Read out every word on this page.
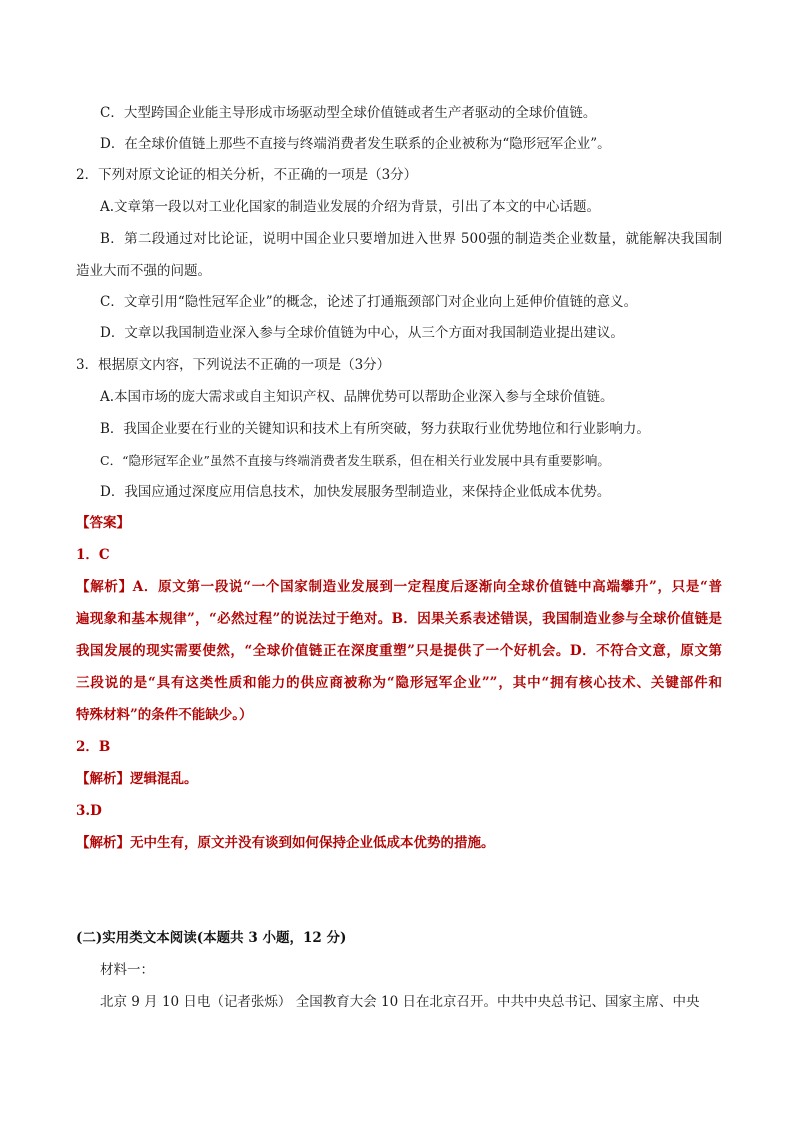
C．大型跨国企业能主导形成市场驱动型全球价值链或者生产者驱动的全球价值链。
D．在全球价值链上那些不直接与终端消费者发生联系的企业被称为“隐形冠军企业”。
2．下列对原文论证的相关分析，不正确的一项是（3分）
A.文章第一段以对工业化国家的制造业发展的介绍为背景，引出了本文的中心话题。
B．第二段通过对比论证，说明中国企业只要增加进入世界 500强的制造类企业数量，就能解决我国制
造业大而不强的问题。
C．文章引用“隐性冠军企业”的概念，论述了打通瓶颈部门对企业向上延伸价值链的意义。
D．文章以我国制造业深入参与全球价值链为中心，从三个方面对我国制造业提出建议。
3．根据原文内容，下列说法不正确的一项是（3分）
A.本国市场的庞大需求或自主知识产权、品牌优势可以帮助企业深入参与全球价值链。
B．我国企业要在行业的关键知识和技术上有所突破，努力获取行业优势地位和行业影响力。
C．“隐形冠军企业”虽然不直接与终端消费者发生联系，但在相关行业发展中具有重要影响。
D．我国应通过深度应用信息技术，加快发展服务型制造业，来保持企业低成本优势。
【答案】
1．C
【解析】A．原文第一段说“一个国家制造业发展到一定程度后逐渐向全球价值链中高端攀升”，只是“普
遍现象和基本规律”，“必然过程”的说法过于绝对。B．因果关系表述错误，我国制造业参与全球价值链是
我国发展的现实需要使然，“全球价值链正在深度重塑”只是提供了一个好机会。D．不符合文意，原文第
三段说的是“具有这类性质和能力的供应商被称为“隐形冠军企业””，其中“拥有核心技术、关键部件和
特殊材料”的条件不能缺少。）
2．B
【解析】逻辑混乱。
3.D
【解析】无中生有，原文并没有谈到如何保持企业低成本优势的措施。
(二)实用类文本阅读(本题共 3 小题，12 分)
材料一：
北京 9 月 10 日电（记者张烁） 全国教育大会 10 日在北京召开。中共中央总书记、国家主席、中央
